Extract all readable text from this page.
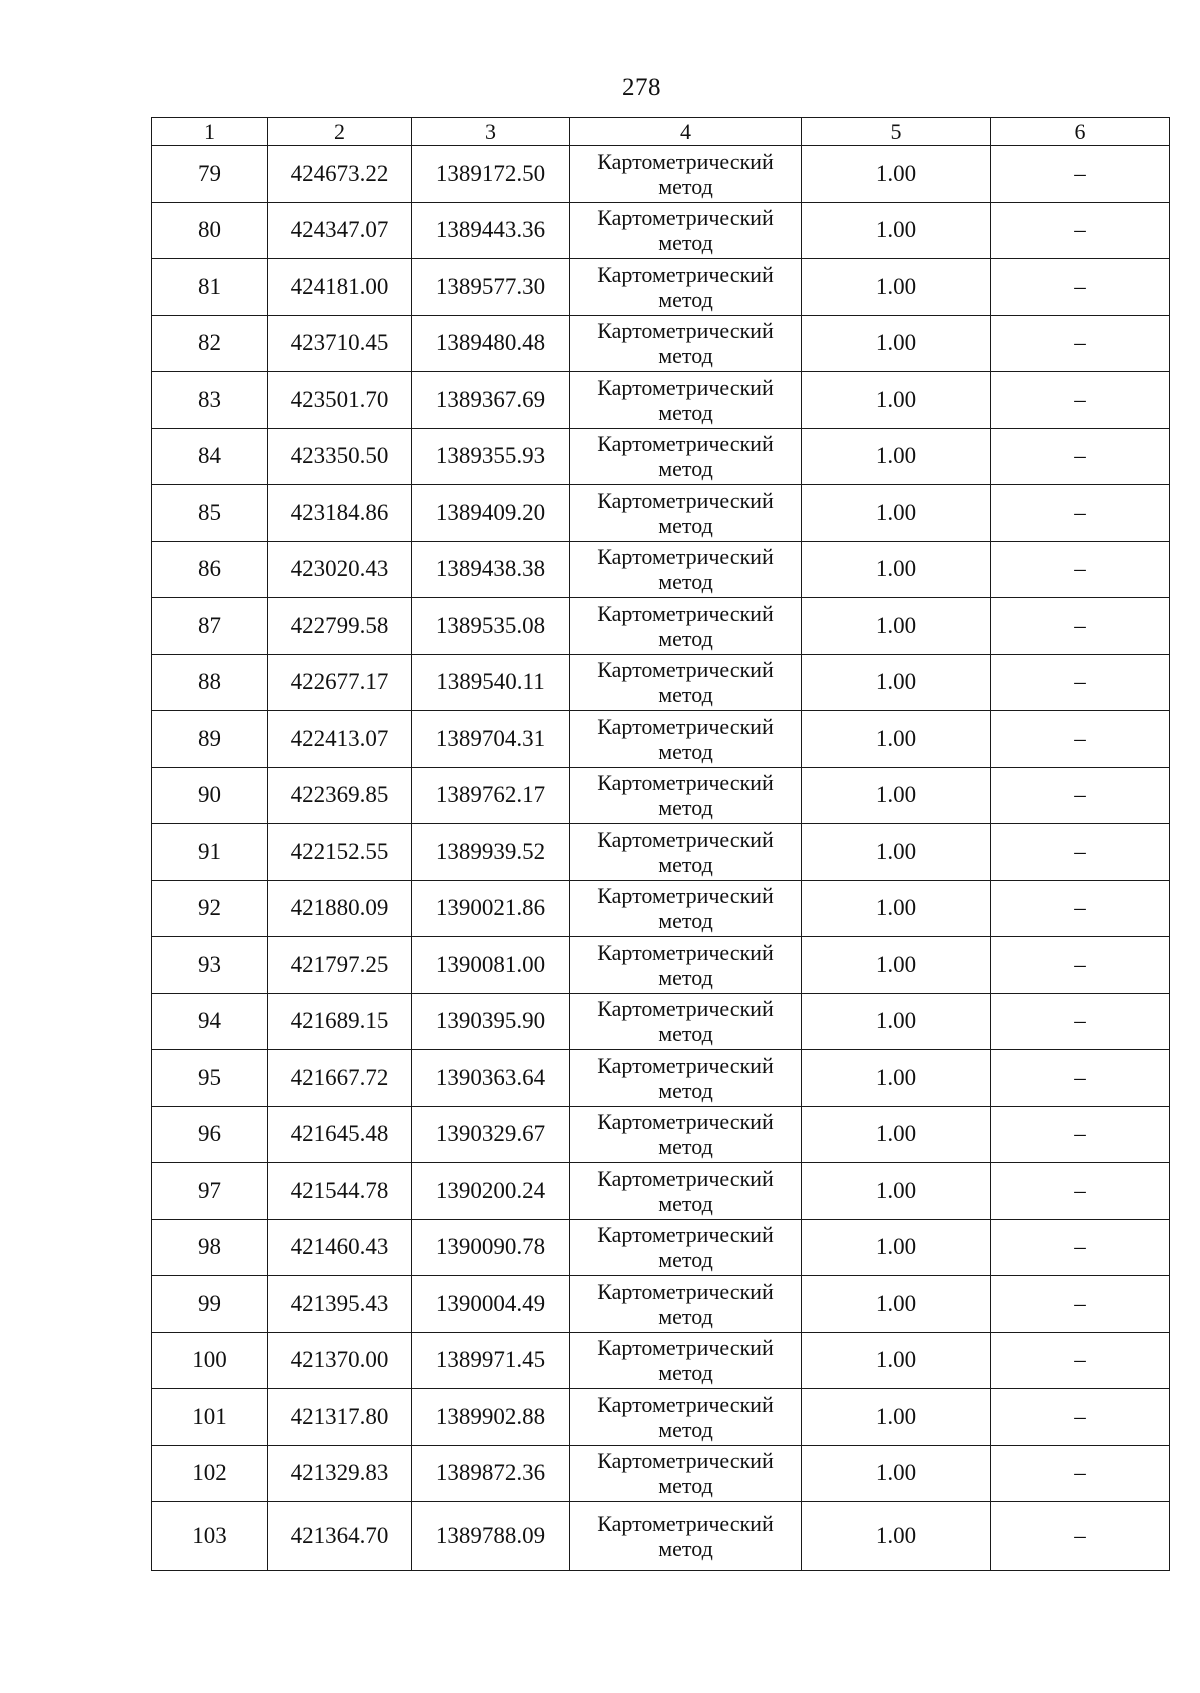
278
1	2	3	4	5	6
79	424673.22	1389172.50	Картометрический метод	1.00	–
80	424347.07	1389443.36	Картометрический метод	1.00	–
81	424181.00	1389577.30	Картометрический метод	1.00	–
82	423710.45	1389480.48	Картометрический метод	1.00	–
83	423501.70	1389367.69	Картометрический метод	1.00	–
84	423350.50	1389355.93	Картометрический метод	1.00	–
85	423184.86	1389409.20	Картометрический метод	1.00	–
86	423020.43	1389438.38	Картометрический метод	1.00	–
87	422799.58	1389535.08	Картометрический метод	1.00	–
88	422677.17	1389540.11	Картометрический метод	1.00	–
89	422413.07	1389704.31	Картометрический метод	1.00	–
90	422369.85	1389762.17	Картометрический метод	1.00	–
91	422152.55	1389939.52	Картометрический метод	1.00	–
92	421880.09	1390021.86	Картометрический метод	1.00	–
93	421797.25	1390081.00	Картометрический метод	1.00	–
94	421689.15	1390395.90	Картометрический метод	1.00	–
95	421667.72	1390363.64	Картометрический метод	1.00	–
96	421645.48	1390329.67	Картометрический метод	1.00	–
97	421544.78	1390200.24	Картометрический метод	1.00	–
98	421460.43	1390090.78	Картометрический метод	1.00	–
99	421395.43	1390004.49	Картометрический метод	1.00	–
100	421370.00	1389971.45	Картометрический метод	1.00	–
101	421317.80	1389902.88	Картометрический метод	1.00	–
102	421329.83	1389872.36	Картометрический метод	1.00	–
103	421364.70	1389788.09	Картометрический метод	1.00	–
